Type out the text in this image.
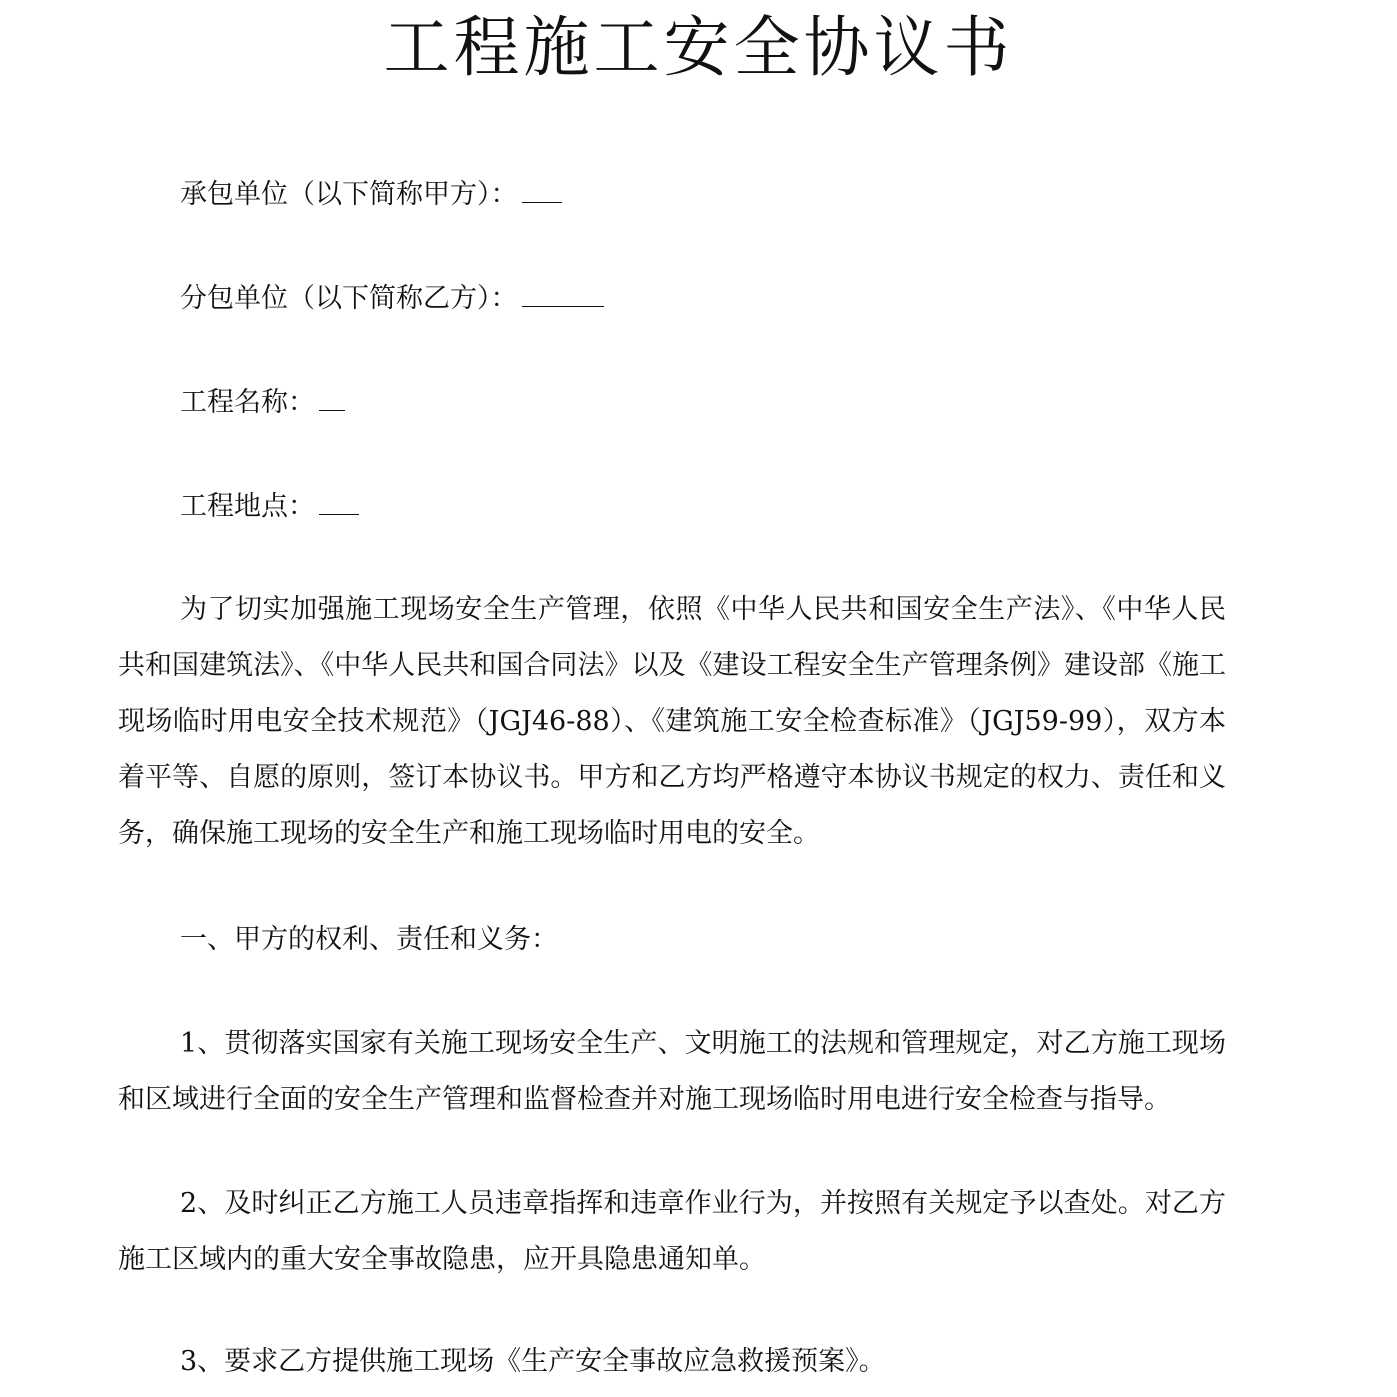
工程施工安全协议书
承包单位（以下简称甲方）：
分包单位（以下简称乙方）：
工程名称：
工程地点：

为了切实加强施工现场安全生产管理，依照《中华人民共和国安全生产法》、《中华人民共和国建筑法》、《中华人民共和国合同法》以及《建设工程安全生产管理条例》建设部《施工现场临时用电安全技术规范》（JGJ46-88）、《建筑施工安全检查标准》（JGJ59-99），双方本着平等、自愿的原则，签订本协议书。甲方和乙方均严格遵守本协议书规定的权力、责任和义务，确保施工现场的安全生产和施工现场临时用电的安全。

一、甲方的权利、责任和义务：

1、贯彻落实国家有关施工现场安全生产、文明施工的法规和管理规定，对乙方施工现场和区域进行全面的安全生产管理和监督检查并对施工现场临时用电进行安全检查与指导。

2、及时纠正乙方施工人员违章指挥和违章作业行为，并按照有关规定予以查处。对乙方施工区域内的重大安全事故隐患，应开具隐患通知单。

3、要求乙方提供施工现场《生产安全事故应急救援预案》。
